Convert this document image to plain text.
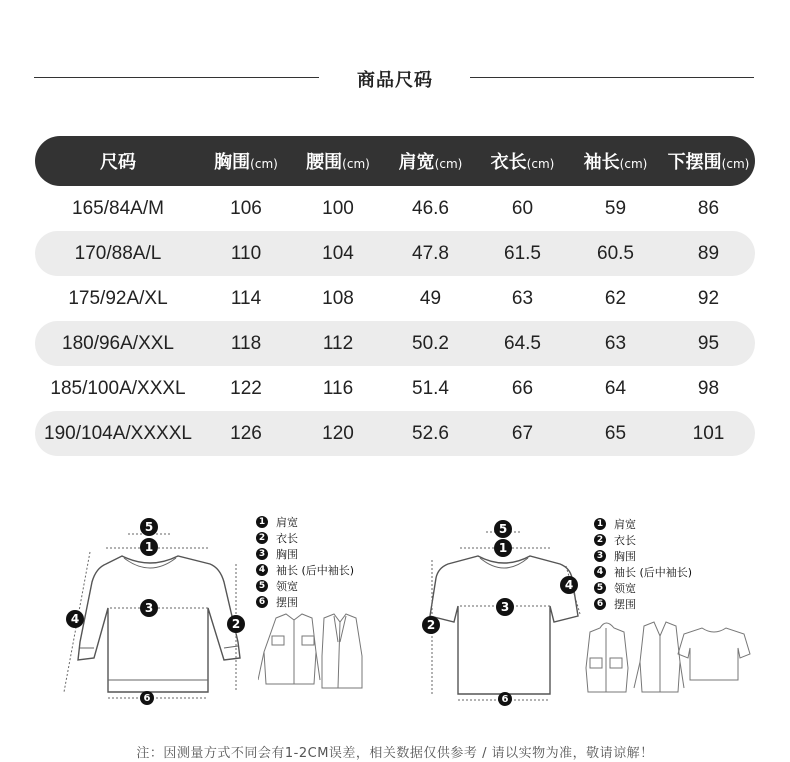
商品尺码
尺码	胸围(cm)	腰围(cm)	肩宽(cm)	衣长(cm)	袖长(cm)	下摆围(cm)
165/84A/M	106	100	46.6	60	59	86
170/88A/L	110	104	47.8	61.5	60.5	89
175/92A/XL	114	108	49	63	62	92
180/96A/XXL	118	112	50.2	64.5	63	95
185/100A/XXXL	122	116	51.4	66	64	98
190/104A/XXXXL	126	120	52.6	67	65	101
5
1
3
4	2
6
1 肩宽
2 衣长
3 胸围
4 袖长 (后中袖长)
5 领宽
6 摆围
5
1
3
4
2
6
1 肩宽
2 衣长
3 胸围
4 袖长 (后中袖长)
5 领宽
6 摆围
注：因测量方式不同会有1-2CM误差，相关数据仅供参考 / 请以实物为准，敬请谅解！
